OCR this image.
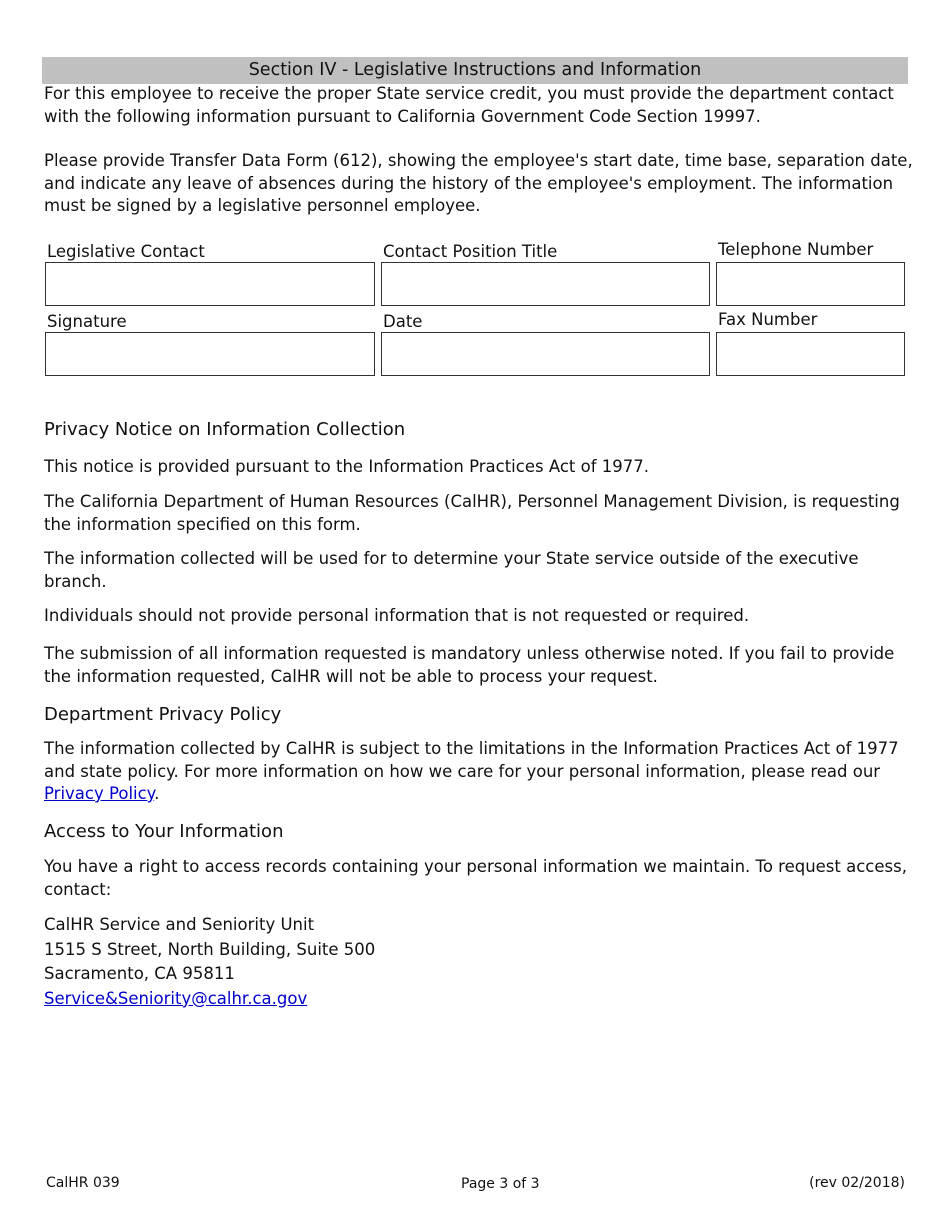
Section IV - Legislative Instructions and Information
For this employee to receive the proper State service credit, you must provide the department contact with the following information pursuant to California Government Code Section 19997.
Please provide Transfer Data Form (612), showing the employee's start date, time base, separation date, and indicate any leave of absences during the history of the employee's employment. The information must be signed by a legislative personnel employee.
Legislative Contact	Contact Position Title	Telephone Number
Signature	Date	Fax Number
Privacy Notice on Information Collection
This notice is provided pursuant to the Information Practices Act of 1977.
The California Department of Human Resources (CalHR), Personnel Management Division, is requesting the information specified on this form.
The information collected will be used for to determine your State service outside of the executive branch.
Individuals should not provide personal information that is not requested or required.
The submission of all information requested is mandatory unless otherwise noted. If you fail to provide the information requested, CalHR will not be able to process your request.
Department Privacy Policy
The information collected by CalHR is subject to the limitations in the Information Practices Act of 1977 and state policy. For more information on how we care for your personal information, please read our Privacy Policy.
Access to Your Information
You have a right to access records containing your personal information we maintain. To request access, contact:
CalHR Service and Seniority Unit
1515 S Street, North Building, Suite 500
Sacramento, CA 95811
Service&Seniority@calhr.ca.gov
CalHR 039	Page 3 of 3	(rev 02/2018)
